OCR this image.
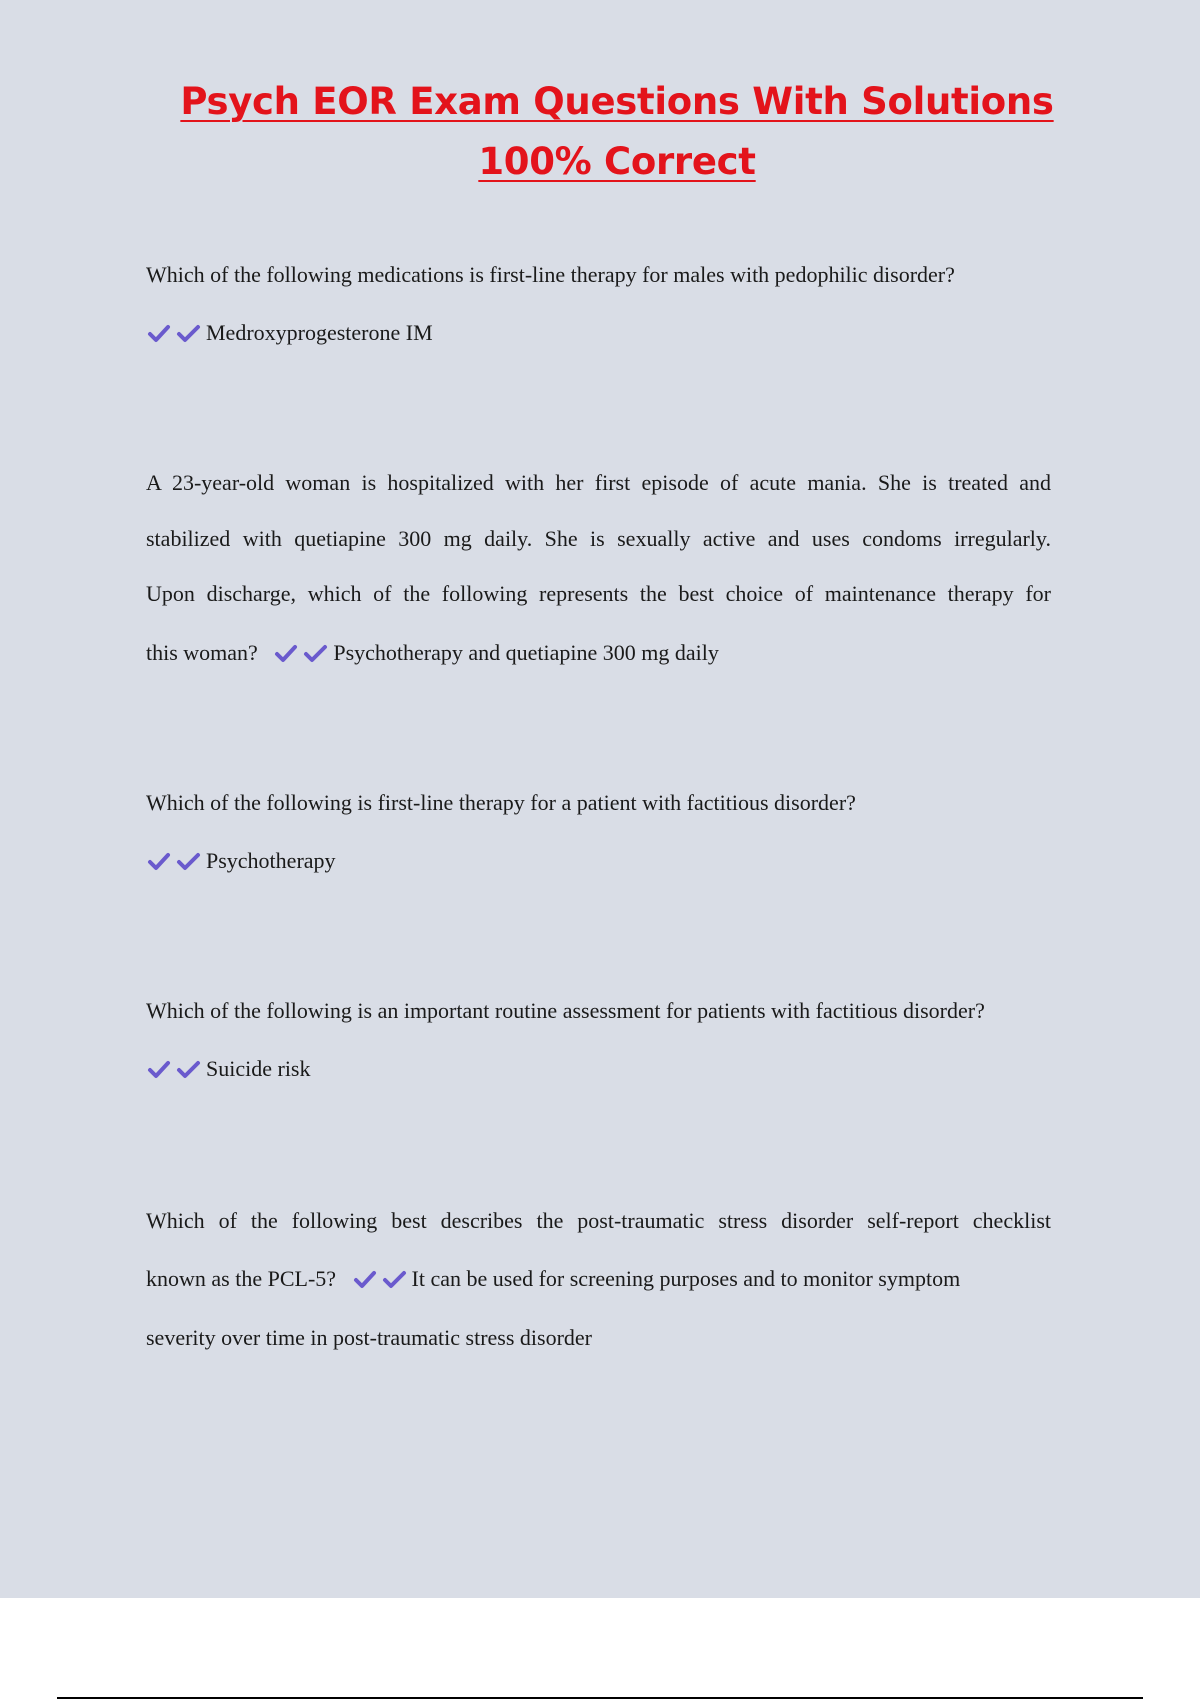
Psych EOR Exam Questions With Solutions
100% Correct
Which of the following medications is first-line therapy for males with pedophilic disorder?
Medroxyprogesterone IM
A 23-year-old woman is hospitalized with her first episode of acute mania. She is treated and
stabilized with quetiapine 300 mg daily. She is sexually active and uses condoms irregularly.
Upon discharge, which of the following represents the best choice of maintenance therapy for
this woman?	Psychotherapy and quetiapine 300 mg daily
Which of the following is first-line therapy for a patient with factitious disorder?
Psychotherapy
Which of the following is an important routine assessment for patients with factitious disorder?
Suicide risk
Which of the following best describes the post-traumatic stress disorder self-report checklist
known as the PCL-5?	It can be used for screening purposes and to monitor symptom
severity over time in post-traumatic stress disorder
